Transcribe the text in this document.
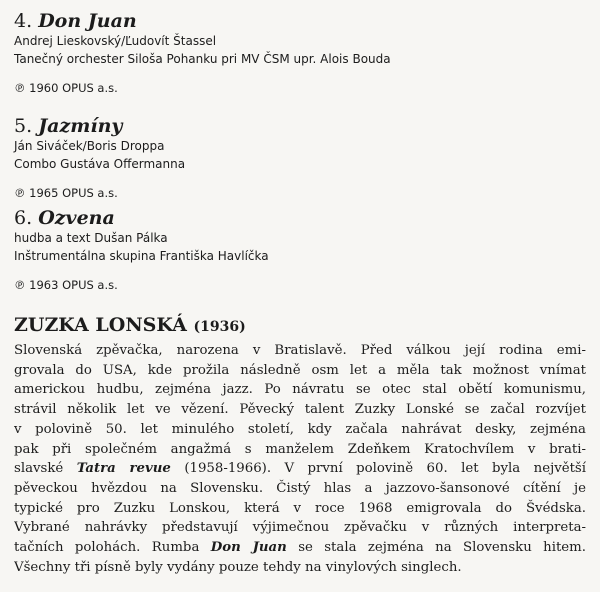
4. Don Juan
Andrej Lieskovský/Ľudovít Štassel
Tanečný orchester Siloša Pohanku pri MV ČSM upr. Alois Bouda
℗ 1960 OPUS a.s.
5. Jazmíny
Ján Siváček/Boris Droppa
Combo Gustáva Offermanna
℗ 1965 OPUS a.s.
6. Ozvena
hudba a text Dušan Pálka
Inštrumentálna skupina Františka Havlíčka
℗ 1963 OPUS a.s.
ZUZKA LONSKÁ (1936)
Slovenská zpěvačka, narozena v Bratislavě. Před válkou její rodina emi-
grovala do USA, kde prožila následně osm let a měla tak možnost vnímat
americkou hudbu, zejména jazz. Po návratu se otec stal obětí komunismu,
strávil několik let ve vězení. Pěvecký talent Zuzky Lonské se začal rozvíjet
v polovině 50. let minulého století, kdy začala nahrávat desky, zejména
pak při společném angažmá s manželem Zdeňkem Kratochvílem v brati-
slavské Tatra revue (1958-1966). V první polovině 60. let byla největší
pěveckou hvězdou na Slovensku. Čistý hlas a jazzovo-šansonové cítění je
typické pro Zuzku Lonskou, která v roce 1968 emigrovala do Švédska.
Vybrané nahrávky představují výjimečnou zpěvačku v různých interpreta-
tačních polohách. Rumba Don Juan se stala zejména na Slovensku hitem.
Všechny tři písně byly vydány pouze tehdy na vinylových singlech.
